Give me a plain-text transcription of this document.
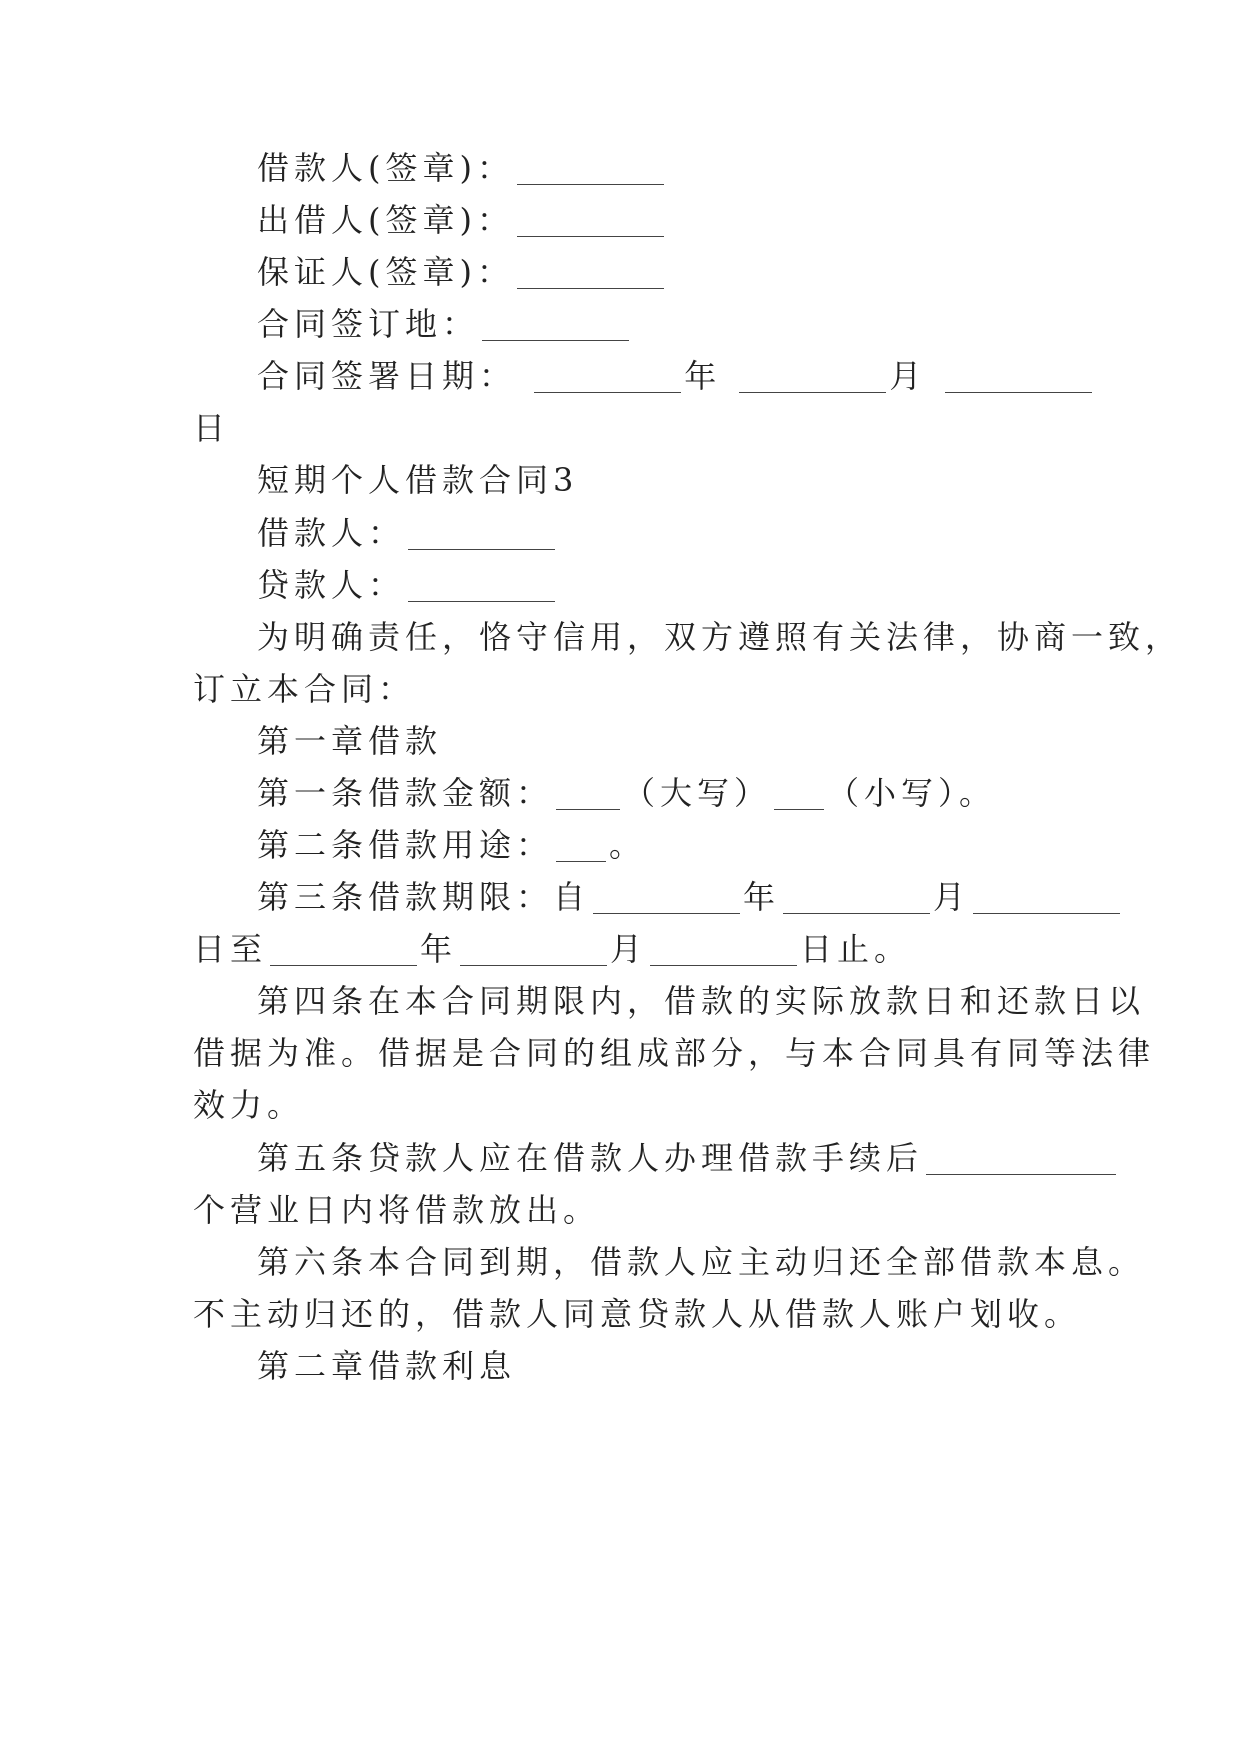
借款人(签章)：

出借人(签章)：

保证人(签章)：

合同签订地：

合同签署日期：	年	月

日

短期个人借款合同3

借款人：

贷款人：

为明确责任，恪守信用，双方遵照有关法律，协商一致，

订立本合同：

第一章借款

第一条借款金额： （大写） （小写）。

第二条借款用途： 。

第三条借款期限：自	年	月

日至	年	月	日止。

第四条在本合同期限内，借款的实际放款日和还款日以

借据为准。借据是合同的组成部分，与本合同具有同等法律

效力。

第五条贷款人应在借款人办理借款手续后

个营业日内将借款放出。

第六条本合同到期，借款人应主动归还全部借款本息。

不主动归还的，借款人同意贷款人从借款人账户划收。

第二章借款利息
